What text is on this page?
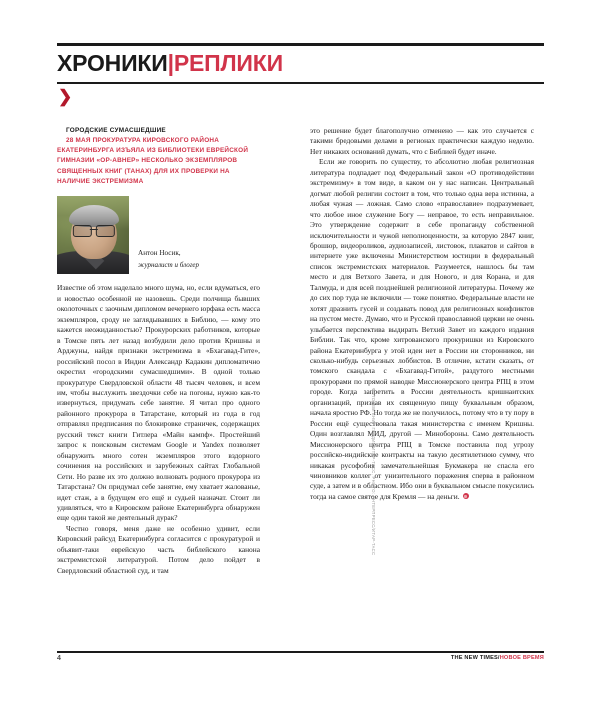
ХРОНИКИ|РЕПЛИКИ
❯

ГОРОДСКИЕ СУМАСШЕДШИЕ

28 МАЯ ПРОКУРАТУРА КИРОВСКОГО РАЙОНА ЕКАТЕРИНБУРГА ИЗЪЯЛА ИЗ БИБЛИОТЕКИ ЕВРЕЙСКОЙ ГИМНАЗИИ «ОР-АВНЕР» НЕСКОЛЬКО ЭКЗЕМПЛЯРОВ СВЯЩЕННЫХ КНИГ (ТАНАХ) ДЛЯ ИХ ПРОВЕРКИ НА НАЛИЧИЕ ЭКСТРЕМИЗМА

Антон Носик,
журналист и блогер

Известие об этом наделало много шума, но, если вдуматься, его и новостью особенной не назовешь. Среди полчища бывших околоточных с заочным дипломом вечернего юрфака есть масса экземпляров, сроду не заглядывавших в Библию, — кому это кажется неожиданностью? Прокурорских работников, которые в Томске пять лет назад возбудили дело против Кришны и Арджуны, найдя признаки экстремизма в «Бхагавад-Гите», российский посол в Индии Александр Кадакин дипломатично окрестил «городскими сумасшедшими». В одной только прокуратуре Свердловской области 48 тысяч человек, и всем им, чтобы выслужить звездочки себе на погоны, нужно как-то извернуться, придумать себе занятие. Я читал про одного районного прокурора в Татарстане, который из года в год отправлял предписания по блокировке страничек, содержащих русский текст книги Гитлера «Майн кампф». Простейший запрос к поисковым системам Google и Yandex позволяет обнаружить много сотен экземпляров этого вздорного сочинения на российских и зарубежных сайтах Глобальной Сети. Но разве их это должно волновать родного прокурора из Татарстана? Он придумал себе занятие, ему хватает жалованье, идет стаж, а в будущем его ещё и судьей назначат. Стоит ли удивляться, что в Кировском районе Екатеринбурга обнаружен еще один такой же деятельный дурак?

Честно говоря, меня даже не особенно удивит, если Кировский райсуд Екатеринбурга согласится с прокуратурой и объявит-таки еврейскую часть библейского канона экстремистской литературой. Потом дело пойдет в Свердловский областной суд, и там

это решение будет благополучно отменено — как это случается с такими бредовыми делами в регионах практически каждую неделю. Нет никаких оснований думать, что с Библией будет иначе.

Если же говорить по существу, то абсолютно любая религиозная литература подпадает под Федеральный закон «О противодействии экстремизму» в том виде, в каком он у нас написан. Центральный догмат любой религии состоит в том, что только одна вера истинна, а любая чужая — ложная. Само слово «православие» подразумевает, что любое иное служение Богу — неправое, то есть неправильное. Это утверждение содержит в себе пропаганду собственной исключительности и чужой неполноценности, за которую 2847 книг, брошюр, видеороликов, аудиозаписей, листовок, плакатов и сайтов в интернете уже включены Министерством юстиции в федеральный список экстремистских материалов. Разумеется, нашлось бы там место и для Ветхого Завета, и для Нового, и для Корана, и для Талмуда, и для всей позднейшей религиозной литературы. Почему же до сих пор туда не включили — тоже понятно. Федеральные власти не хотят дразнить гусей и создавать повод для религиозных конфликтов на пустом месте. Думаю, что и Русской православной церкви не очень улыбается перспектива выдирать Ветхий Завет из каждого издания Библии. Так что, кроме хитрованского прокуришки из Кировского района Екатеринбурга у этой идеи нет в России ни сторонников, ни сколько-нибудь серьезных лоббистов. В отличие, кстати сказать, от томского скандала с «Бхагавад-Гитой», раздутого местными прокурорами по прямой наводке Миссионерского центра РПЦ в этом городе. Когда запретить в России деятельность кришнаитских организаций, призвав их священную пищу буквальным образом, начала яростно РФ. Но тогда же не получилось, потому что в ту пору в России ещё существовала такая министерства с именем Кришны. Один возглавлял МИД, другой — Минобороны. Само деятельность Миссионерского центра РПЦ в Томске поставила под угрозу российско-индийские контракты на такую десятилетнюю сумму, что никакая русофобия замечательнейшая Букмакера не спасла его чиновников коллег от унизительного поражения сперва в районном суде, а затем и в областном. Ибо они в буквальном смысле покусились тогда на самое святое для Кремля — на деньги.

ФОТО: ЕВГЕНИЙ ГЛАДИН/ИТАР-ТАСС, PHOTO: ИНТЕРПРЕСС/ИТАР-ТАСС
4	THE NEW TIMES/НОВОЕ ВРЕМЯ
